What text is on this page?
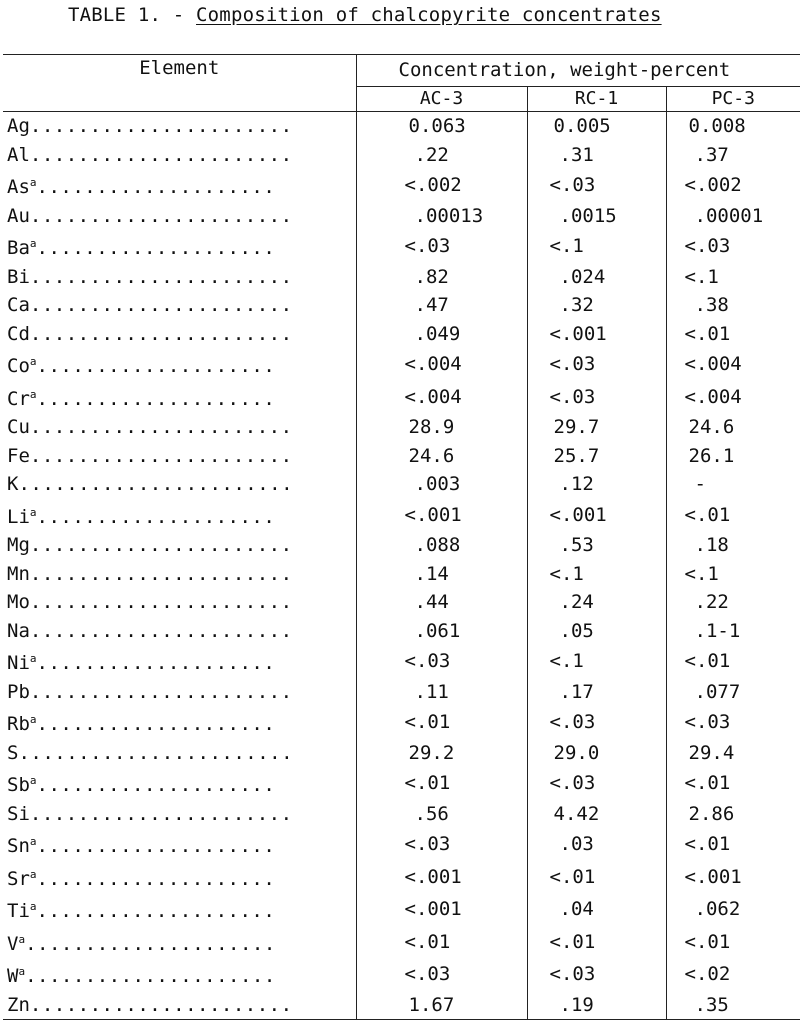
TABLE 1. - Composition of chalcopyrite concentrates
Element	Concentration, weight-percent		
	AC-3	RC-1	PC-3
Ag......................	0.063	0.005	0.008
Al......................	.22	.31	.37
$As^a$....................	<.002	<.03	<.002
Au......................	.00013	.0015	.00001
$Ba^a$....................	<.03	<.1	<.03
Bi......................	.82	.024	<.1
Ca......................	.47	.32	.38
Cd......................	.049	<.001	<.01
$Co^a$....................	<.004	<.03	<.004
$Cr^a$....................	<.004	<.03	<.004
Cu......................	28.9	29.7	24.6
Fe......................	24.6	25.7	26.1
K.......................	.003	.12	-
$Li^a$....................	<.001	<.001	<.01
Mg......................	.088	.53	.18
Mn......................	.14	<.1	<.1
Mo......................	.44	.24	.22
Na......................	.061	.05	.1-1
$Ni^a$....................	<.03	<.1	<.01
Pb......................	.11	.17	.077
$Rb^a$....................	<.01	<.03	<.03
S.......................	29.2	29.0	29.4
$Sb^a$....................	<.01	<.03	<.01
Si......................	.56	4.42	2.86
$Sn^a$....................	<.03	.03	<.01
$Sr^a$....................	<.001	<.01	<.001
$Ti^a$....................	<.001	.04	.062
$V^a$.....................	<.01	<.01	<.01
$W^a$.....................	<.03	<.03	<.02
Zn......................	1.67	.19	.35
